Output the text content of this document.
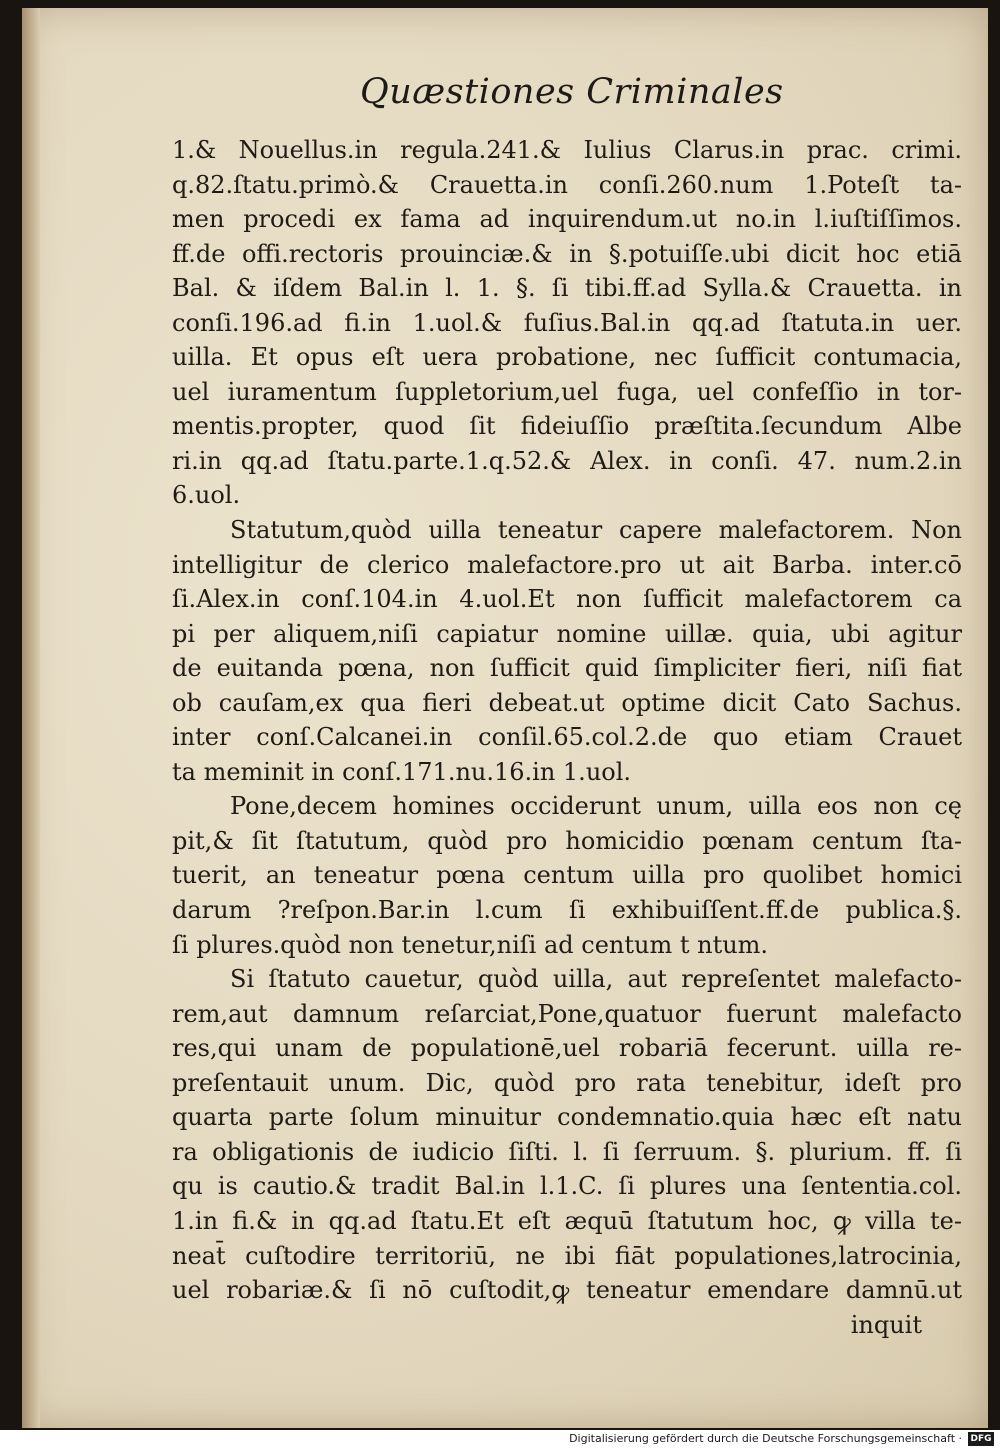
Quæstiones Criminales
1.& Nouellus.in regula.241.& Iulius Clarus.in prac. crimi.
q.82.ſtatu.primò.& Crauetta.in conſi.260.num 1.Poteſt ta-
men procedi ex fama ad inquirendum.ut no.in l.iuſtiſſimos.
ff.de offi.rectoris prouinciæ.& in §.potuiſſe.ubi dicit hoc etiā
Bal. & iſdem Bal.in l. 1. §. ſi tibi.ff.ad Sylla.& Crauetta. in
conſi.196.ad fi.in 1.uol.& fuſius.Bal.in qq.ad ſtatuta.in uer.
uilla. Et opus eſt uera probatione, nec ſufficit contumacia,
uel iuramentum ſuppletorium,uel fuga, uel confeſſio in tor-
mentis.propter, quod ſit fideiuſſio præſtita.ſecundum Albe
ri.in qq.ad ſtatu.parte.1.q.52.& Alex. in conſi. 47. num.2.in
6.uol.
Statutum,quòd uilla teneatur capere malefactorem. Non
intelligitur de clerico malefactore.pro ut ait Barba. inter.cō
ſi.Alex.in conſ.104.in 4.uol.Et non ſufficit malefactorem ca
pi per aliquem,niſi capiatur nomine uillæ. quia, ubi agitur
de euitanda pœna, non ſufficit quid ſimpliciter fieri, niſi fiat
ob cauſam,ex qua fieri debeat.ut optime dicit Cato Sachus.
inter conſ.Calcanei.in conſil.65.col.2.de quo etiam Crauet
ta meminit in conſ.171.nu.16.in 1.uol.
Pone,decem homines occiderunt unum, uilla eos non cę
pit,& ſit ſtatutum, quòd pro homicidio pœnam centum ſta-
tuerit, an teneatur pœna centum uilla pro quolibet homici
darum ?reſpon.Bar.in l.cum ſi exhibuiſſent.ff.de publica.§.
ſi plures.quòd non tenetur,niſi ad centum t ntum.
Si ſtatuto cauetur, quòd uilla, aut repreſentet malefacto-
rem,aut damnum reſarciat,Pone,quatuor fuerunt malefacto
res,qui unam de populationē,uel robariā fecerunt. uilla re-
preſentauit unum. Dic, quòd pro rata tenebitur, ideſt pro
quarta parte ſolum minuitur condemnatio.quia hæc eſt natu
ra obligationis de iudicio ſiſti. l. ſi ſerruum. §. plurium. ff. ſi
qu is cautio.& tradit Bal.in l.1.C. ſi plures una ſententia.col.
1.in fi.& in qq.ad ſtatu.Et eſt æquū ſtatutum hoc, ꝙ villa te-
neat̄ cuſtodire territoriū, ne ibi fiāt populationes,latrocinia,
uel robariæ.& ſi nō cuſtodit,ꝙ teneatur emendare damnū.ut
inquit
Digitalisierung gefördert durch die Deutsche Forschungsgemeinschaft · DFG
